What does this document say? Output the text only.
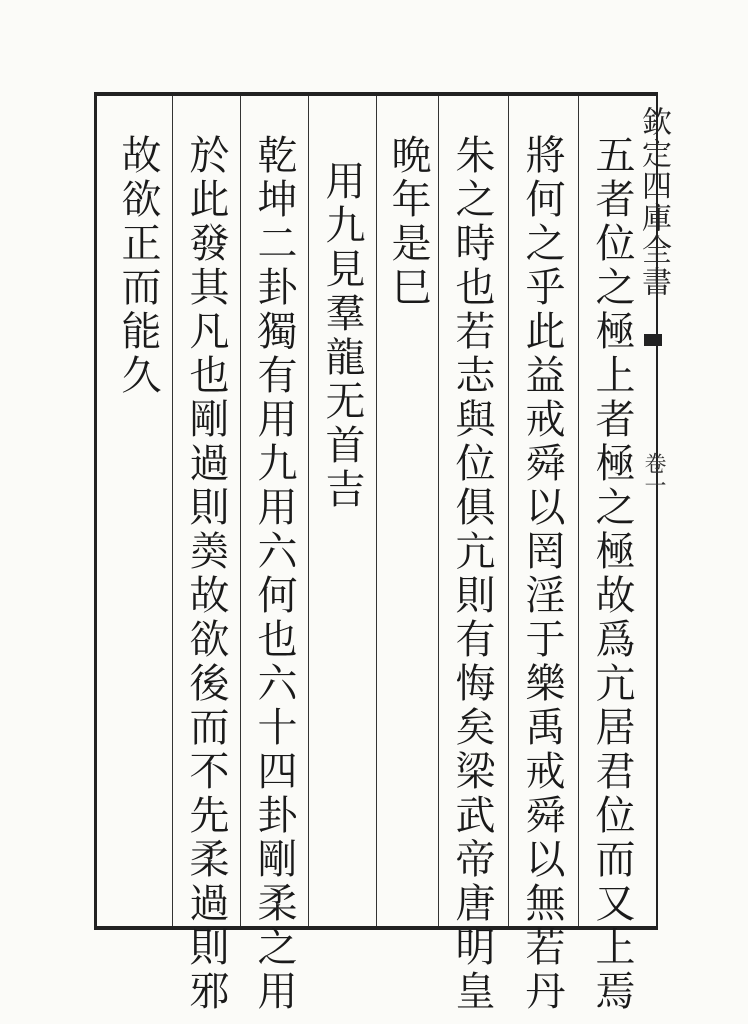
欽定四庫全書
卷一
五者位之極上者極之極故爲亢居君位而又上焉
將何之乎此益戒舜以罔淫于樂禹戒舜以無若丹
朱之時也若志與位俱亢則有悔矣梁武帝唐明皇
晩年是巳
用九見羣龍无首吉
乾坤二卦獨有用九用六何也六十四卦剛柔之用
於此發其凡也剛過則𡙡故欲後而不先柔過則邪
故欲正而能久
